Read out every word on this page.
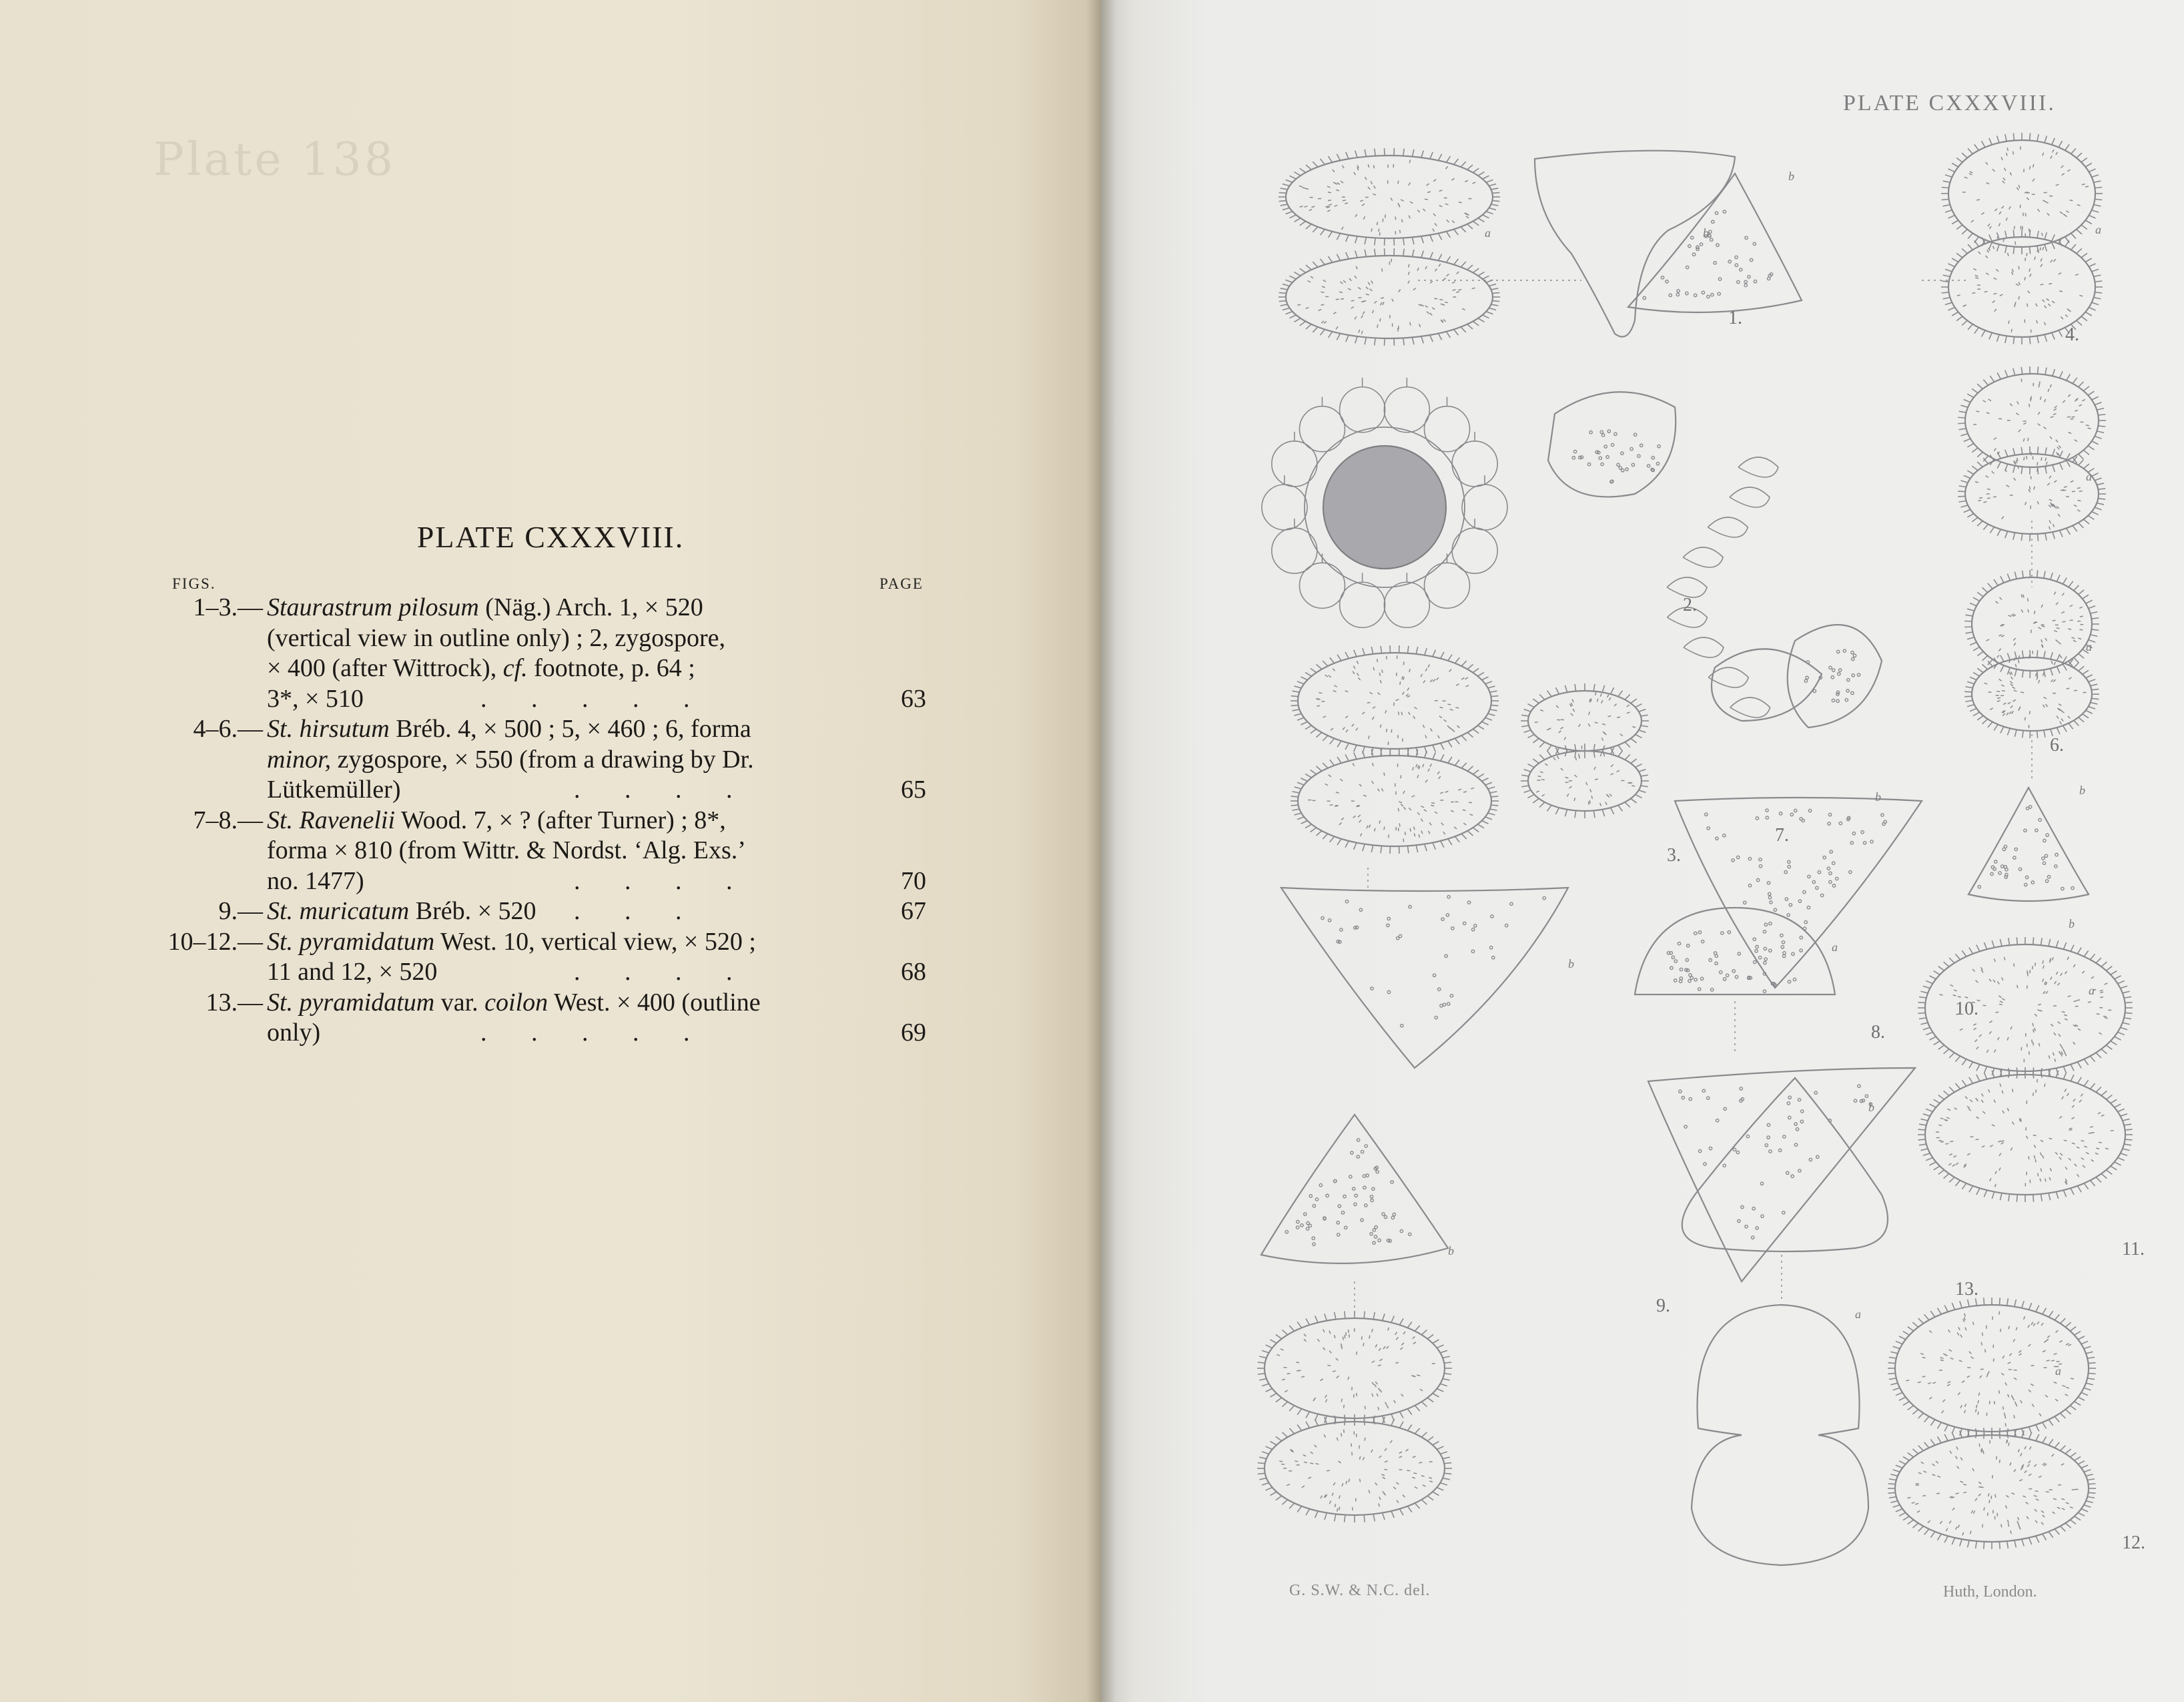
Plate 138
PLATE CXXXVIII.
FIGS.	PAGE
1–3.— Staurastrum pilosum (Näg.) Arch. 1, × 520
(vertical view in outline only) ; 2, zygospore,
× 400 (after Wittrock), cf. footnote, p. 64 ;
3*, × 510	.       .       .       .       .	63
4–6.— St. hirsutum Bréb. 4, × 500 ; 5, × 460 ; 6, forma
minor, zygospore, × 550 (from a drawing by Dr.
Lütkemüller)	.       .       .       .	65
7–8.— St. Ravenelii Wood. 7, × ? (after Turner) ; 8*,
forma × 810 (from Wittr. & Nordst. ‘Alg. Exs.’
no. 1477)	.       .       .       .	70
9.— St. muricatum Bréb. × 520 .       .       .	67
10–12.— St. pyramidatum West. 10, vertical view, × 520 ;
11 and 12, × 520	.       .       .       .	68
13.— St. pyramidatum var. coilon West. × 400 (outline
only)	.       .       .       .       .	69
PLATE CXXXVIII.
G. S.W. & N.C. del.	Huth, London.
1.
2.
3.
4.
6.
7.
8.
9.
10.
11.
12.
13.
a	b
b
a
a
a
b
b
a
b
b
b
b
a
a
a
